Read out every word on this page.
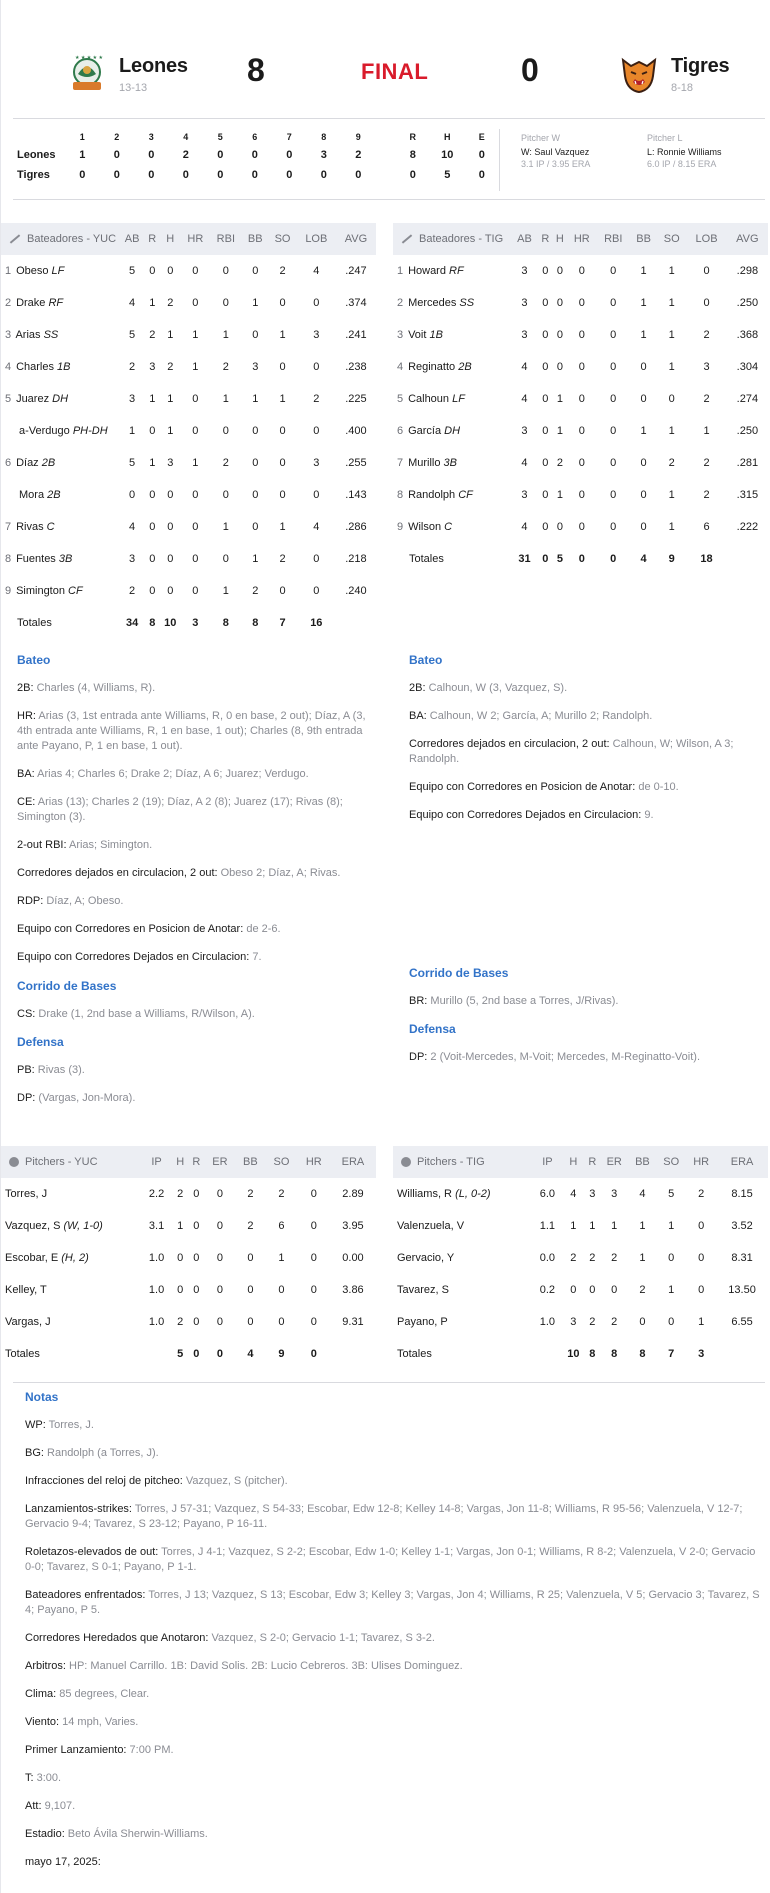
★ ★ ★ ★ ★ Leones
13-13	8	FINAL	0	Tigres
8-18
	1	2	3	4	5	6	7	8	9		R	H	E
Leones	1	0	0	2	0	0	0	3	2		8	10	0
Tigres	0	0	0	0	0	0	0	0	0		0	5	0
Pitcher W
W: Saul Vazquez
3.1 IP / 3.95 ERA
Pitcher L
L: Ronnie Williams
6.0 IP / 8.15 ERA
Bateadores - YUC	AB	R	H	HR	RBI	BB	SO	LOB	AVG
1 Obeso LF	5	0	0	0	0	0	2	4	.247
2 Drake RF	4	1	2	0	0	1	0	0	.374
3 Arias SS	5	2	1	1	1	0	1	3	.241
4 Charles 1B	2	3	2	1	2	3	0	0	.238
5 Juarez DH	3	1	1	0	1	1	1	2	.225
a-Verdugo PH-DH	1	0	1	0	0	0	0	0	.400
6 Díaz 2B	5	1	3	1	2	0	0	3	.255
Mora 2B	0	0	0	0	0	0	0	0	.143
7 Rivas C	4	0	0	0	1	0	1	4	.286
8 Fuentes 3B	3	0	0	0	0	1	2	0	.218
9 Simington CF	2	0	0	0	1	2	0	0	.240
Totales	34	8	10	3	8	8	7	16	
Bateadores - TIG	AB	R	H	HR	RBI	BB	SO	LOB	AVG
1 Howard RF	3	0	0	0	0	1	1	0	.298
2 Mercedes SS	3	0	0	0	0	1	1	0	.250
3 Voit 1B	3	0	0	0	0	1	1	2	.368
4 Reginatto 2B	4	0	0	0	0	0	1	3	.304
5 Calhoun LF	4	0	1	0	0	0	0	2	.274
6 García DH	3	0	1	0	0	1	1	1	.250
7 Murillo 3B	4	0	2	0	0	0	2	2	.281
8 Randolph CF	3	0	1	0	0	0	1	2	.315
9 Wilson C	4	0	0	0	0	0	1	6	.222
Totales	31	0	5	0	0	4	9	18	
Bateo
2B: Charles (4, Williams, R).
HR: Arias (3, 1st entrada ante Williams, R, 0 en base, 2 out); Díaz, A (3, 4th entrada ante Williams, R, 1 en base, 1 out); Charles (8, 9th entrada ante Payano, P, 1 en base, 1 out).
BA: Arias 4; Charles 6; Drake 2; Díaz, A 6; Juarez; Verdugo.
CE: Arias (13); Charles 2 (19); Díaz, A 2 (8); Juarez (17); Rivas (8); Simington (3).
2-out RBI: Arias; Simington.
Corredores dejados en circulacion, 2 out: Obeso 2; Díaz, A; Rivas.
RDP: Díaz, A; Obeso.
Equipo con Corredores en Posicion de Anotar: de 2-6.
Equipo con Corredores Dejados en Circulacion: 7.
Corrido de Bases
CS: Drake (1, 2nd base a Williams, R/Wilson, A).
Defensa
PB: Rivas (3).
DP: (Vargas, Jon-Mora).
Bateo
2B: Calhoun, W (3, Vazquez, S).
BA: Calhoun, W 2; García, A; Murillo 2; Randolph.
Corredores dejados en circulacion, 2 out: Calhoun, W; Wilson, A 3; Randolph.
Equipo con Corredores en Posicion de Anotar: de 0-10.
Equipo con Corredores Dejados en Circulacion: 9.
Corrido de Bases
BR: Murillo (5, 2nd base a Torres, J/Rivas).
Defensa
DP: 2 (Voit-Mercedes, M-Voit; Mercedes, M-Reginatto-Voit).
Pitchers - YUC	IP	H	R	ER	BB	SO	HR	ERA
Torres, J	2.2	2	0	0	2	2	0	2.89
Vazquez, S (W, 1-0)	3.1	1	0	0	2	6	0	3.95
Escobar, E (H, 2)	1.0	0	0	0	0	1	0	0.00
Kelley, T	1.0	0	0	0	0	0	0	3.86
Vargas, J	1.0	2	0	0	0	0	0	9.31
Totales		5	0	0	4	9	0	
Pitchers - TIG	IP	H	R	ER	BB	SO	HR	ERA
Williams, R (L, 0-2)	6.0	4	3	3	4	5	2	8.15
Valenzuela, V	1.1	1	1	1	1	1	0	3.52
Gervacio, Y	0.0	2	2	2	1	0	0	8.31
Tavarez, S	0.2	0	0	0	2	1	0	13.50
Payano, P	1.0	3	2	2	0	0	1	6.55
Totales		10	8	8	8	7	3	
Notas
WP: Torres, J.
BG: Randolph (a Torres, J).
Infracciones del reloj de pitcheo: Vazquez, S (pitcher).
Lanzamientos-strikes: Torres, J 57-31; Vazquez, S 54-33; Escobar, Edw 12-8; Kelley 14-8; Vargas, Jon 11-8; Williams, R 95-56; Valenzuela, V 12-7; Gervacio 9-4; Tavarez, S 23-12; Payano, P 16-11.
Roletazos-elevados de out: Torres, J 4-1; Vazquez, S 2-2; Escobar, Edw 1-0; Kelley 1-1; Vargas, Jon 0-1; Williams, R 8-2; Valenzuela, V 2-0; Gervacio 0-0; Tavarez, S 0-1; Payano, P 1-1.
Bateadores enfrentados: Torres, J 13; Vazquez, S 13; Escobar, Edw 3; Kelley 3; Vargas, Jon 4; Williams, R 25; Valenzuela, V 5; Gervacio 3; Tavarez, S 4; Payano, P 5.
Corredores Heredados que Anotaron: Vazquez, S 2-0; Gervacio 1-1; Tavarez, S 3-2.
Arbitros: HP: Manuel Carrillo. 1B: David Solis. 2B: Lucio Cebreros. 3B: Ulises Dominguez.
Clima: 85 degrees, Clear.
Viento: 14 mph, Varies.
Primer Lanzamiento: 7:00 PM.
T: 3:00.
Att: 9,107.
Estadio: Beto Ávila Sherwin-Williams.
mayo 17, 2025:
